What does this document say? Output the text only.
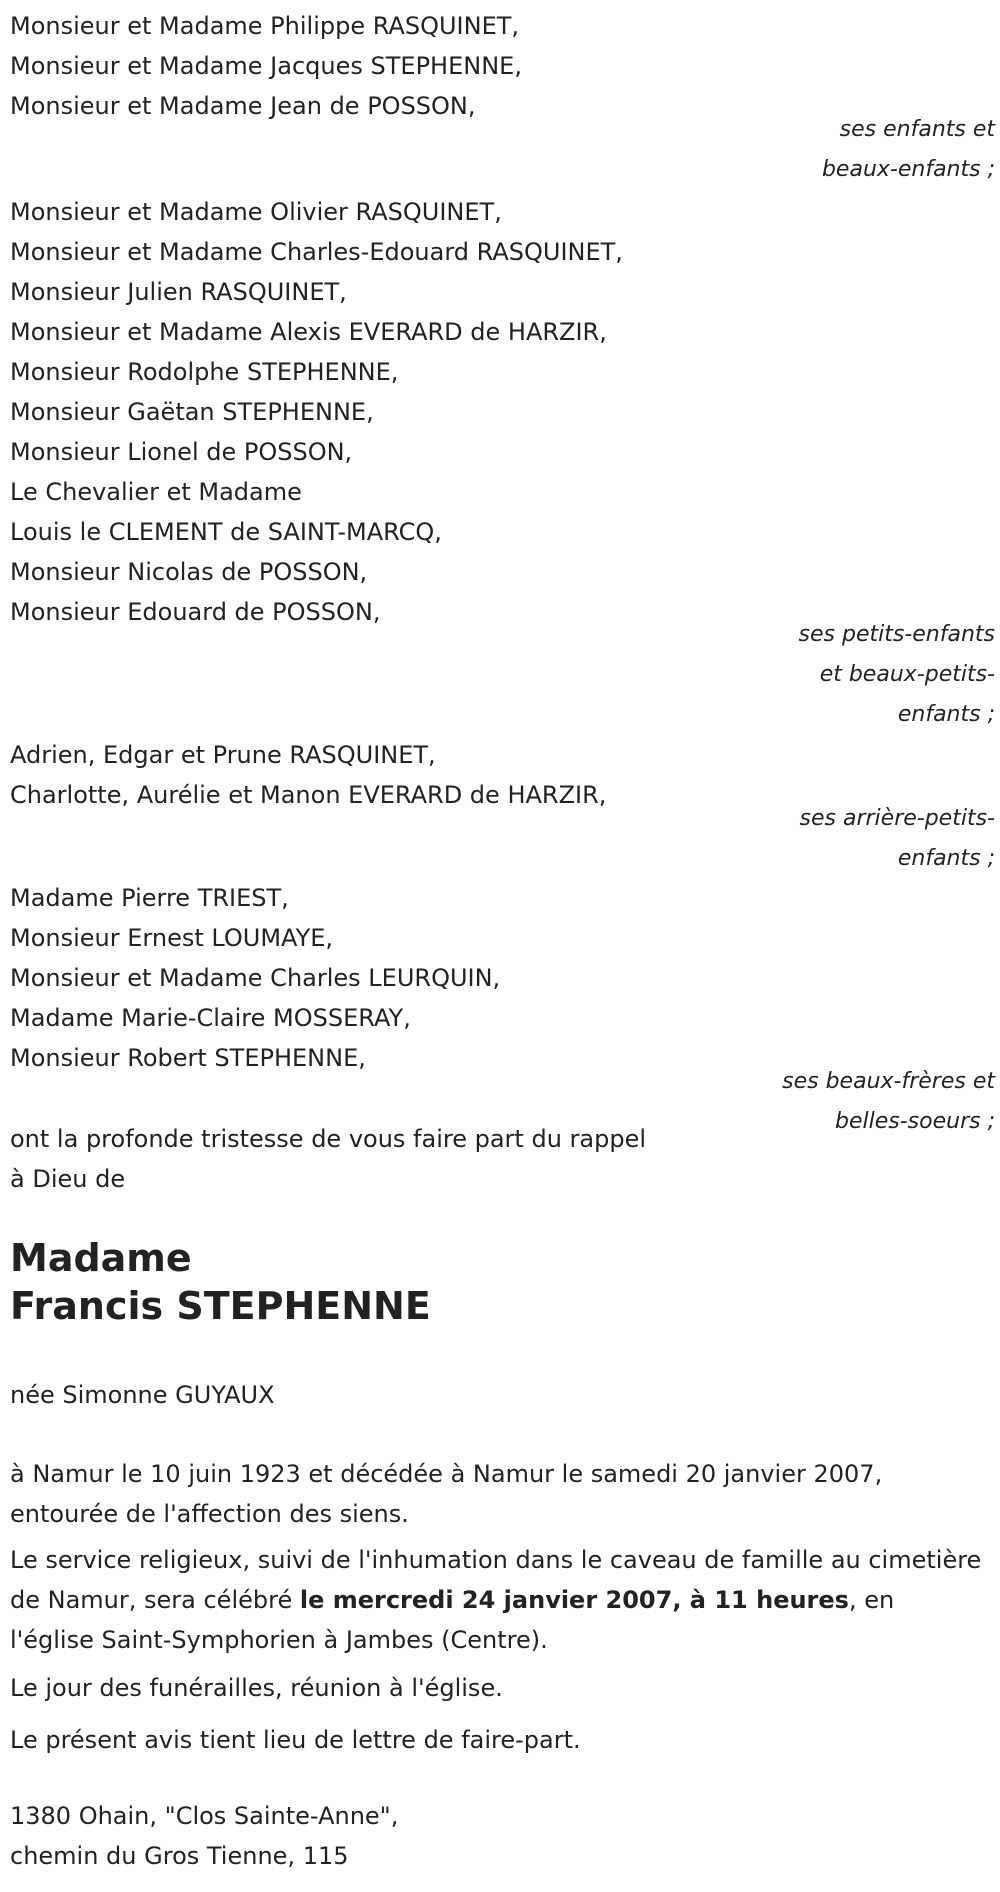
Monsieur et Madame Philippe RASQUINET,
Monsieur et Madame Jacques STEPHENNE,
Monsieur et Madame Jean de POSSON,
ses enfants et
beaux-enfants ;
Monsieur et Madame Olivier RASQUINET,
Monsieur et Madame Charles-Edouard RASQUINET,
Monsieur Julien RASQUINET,
Monsieur et Madame Alexis EVERARD de HARZIR,
Monsieur Rodolphe STEPHENNE,
Monsieur Gaëtan STEPHENNE,
Monsieur Lionel de POSSON,
Le Chevalier et Madame
Louis le CLEMENT de SAINT-MARCQ,
Monsieur Nicolas de POSSON,
Monsieur Edouard de POSSON,
ses petits-enfants
et beaux-petits-
enfants ;
Adrien, Edgar et Prune RASQUINET,
Charlotte, Aurélie et Manon EVERARD de HARZIR,
ses arrière-petits-
enfants ;
Madame Pierre TRIEST,
Monsieur Ernest LOUMAYE,
Monsieur et Madame Charles LEURQUIN,
Madame Marie-Claire MOSSERAY,
Monsieur Robert STEPHENNE,
ses beaux-frères et
belles-soeurs ;
ont la profonde tristesse de vous faire part du rappel
à Dieu de
Madame
Francis STEPHENNE
née Simonne GUYAUX
à Namur le 10 juin 1923 et décédée à Namur le samedi 20 janvier 2007, entourée de l'affection des siens.
Le service religieux, suivi de l'inhumation dans le caveau de famille au cimetière de Namur, sera célébré le mercredi 24 janvier 2007, à 11 heures, en l'église Saint-Symphorien à Jambes (Centre).
Le jour des funérailles, réunion à l'église.
Le présent avis tient lieu de lettre de faire-part.
1380 Ohain, "Clos Sainte-Anne",
chemin du Gros Tienne, 115
